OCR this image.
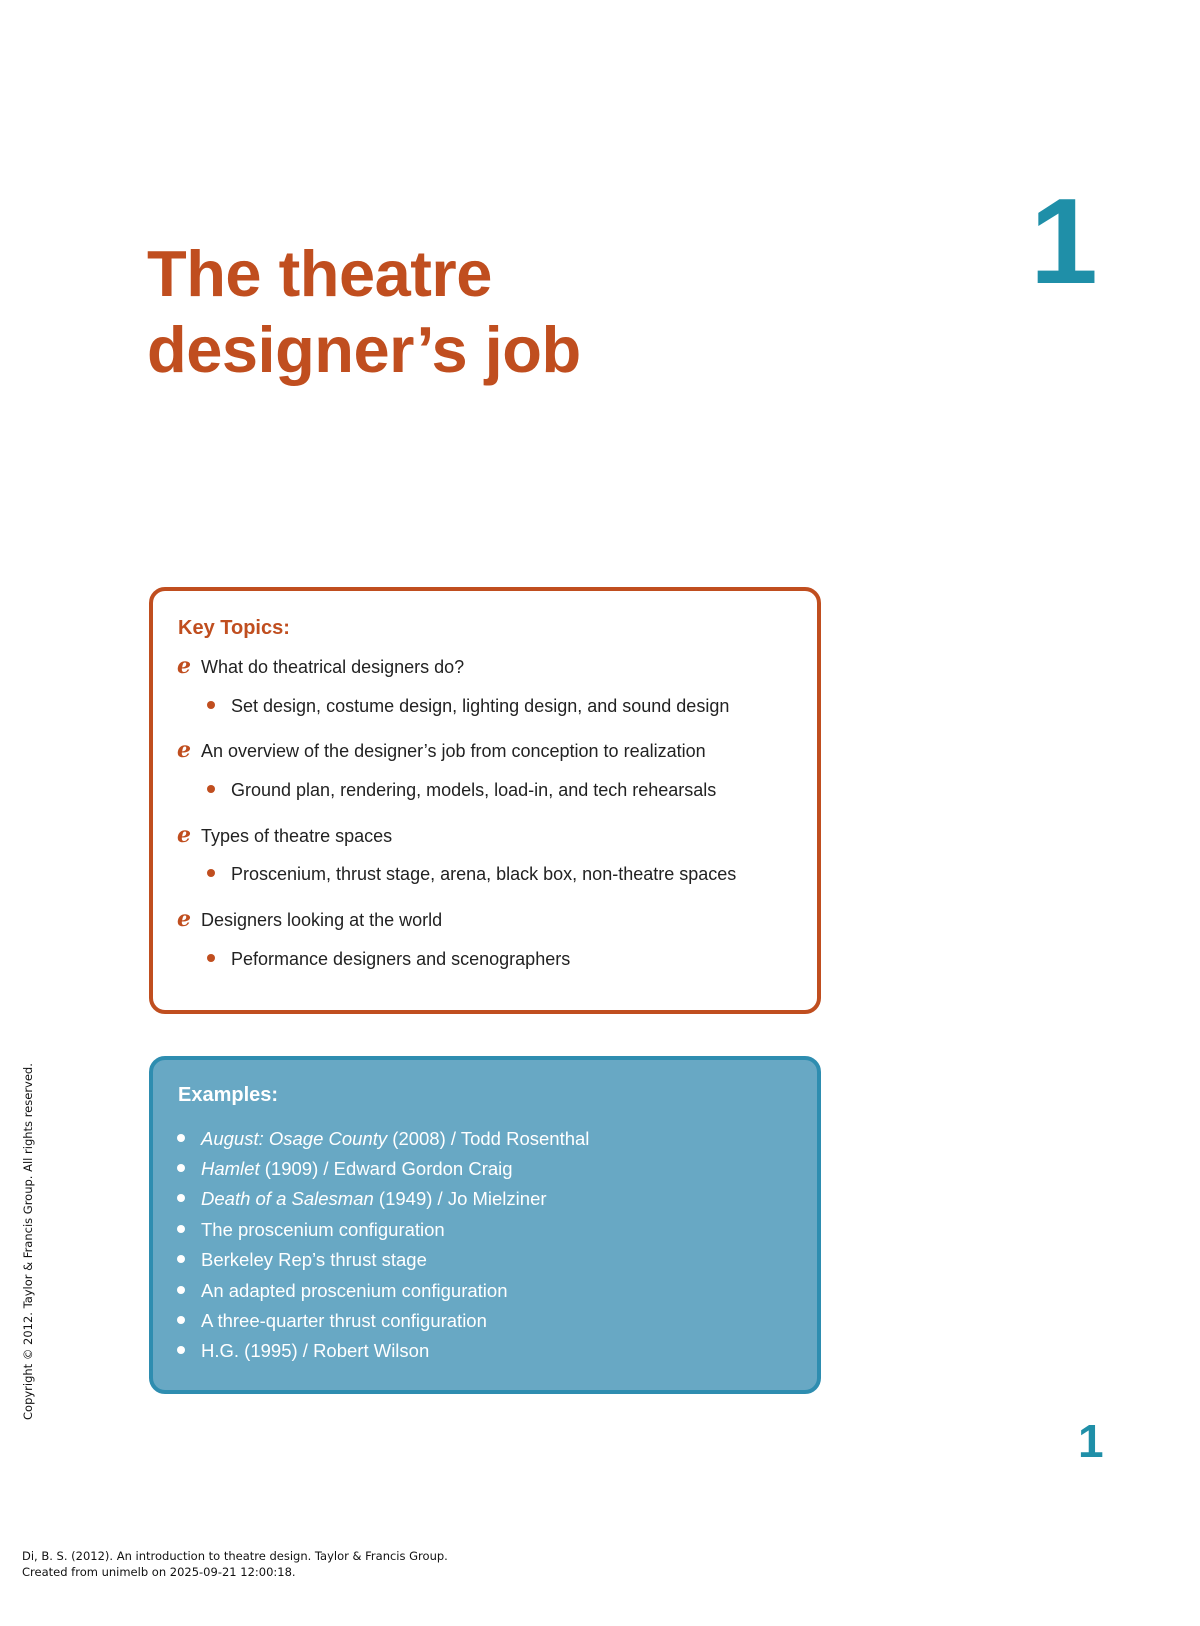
1
The theatre
designer’s job
Key Topics:
e What do theatrical designers do?
Set design, costume design, lighting design, and sound design
e An overview of the designer’s job from conception to realization
Ground plan, rendering, models, load-in, and tech rehearsals
e Types of theatre spaces
Proscenium, thrust stage, arena, black box, non-theatre spaces
e Designers looking at the world
Peformance designers and scenographers
Examples:
August: Osage County (2008) / Todd Rosenthal
Hamlet (1909) / Edward Gordon Craig
Death of a Salesman (1949) / Jo Mielziner
The proscenium configuration
Berkeley Rep’s thrust stage
An adapted proscenium configuration
A three-quarter thrust configuration
H.G. (1995) / Robert Wilson
1
Copyright © 2012. Taylor & Francis Group. All rights reserved.
Di, B. S. (2012). An introduction to theatre design. Taylor & Francis Group.
Created from unimelb on 2025-09-21 12:00:18.
